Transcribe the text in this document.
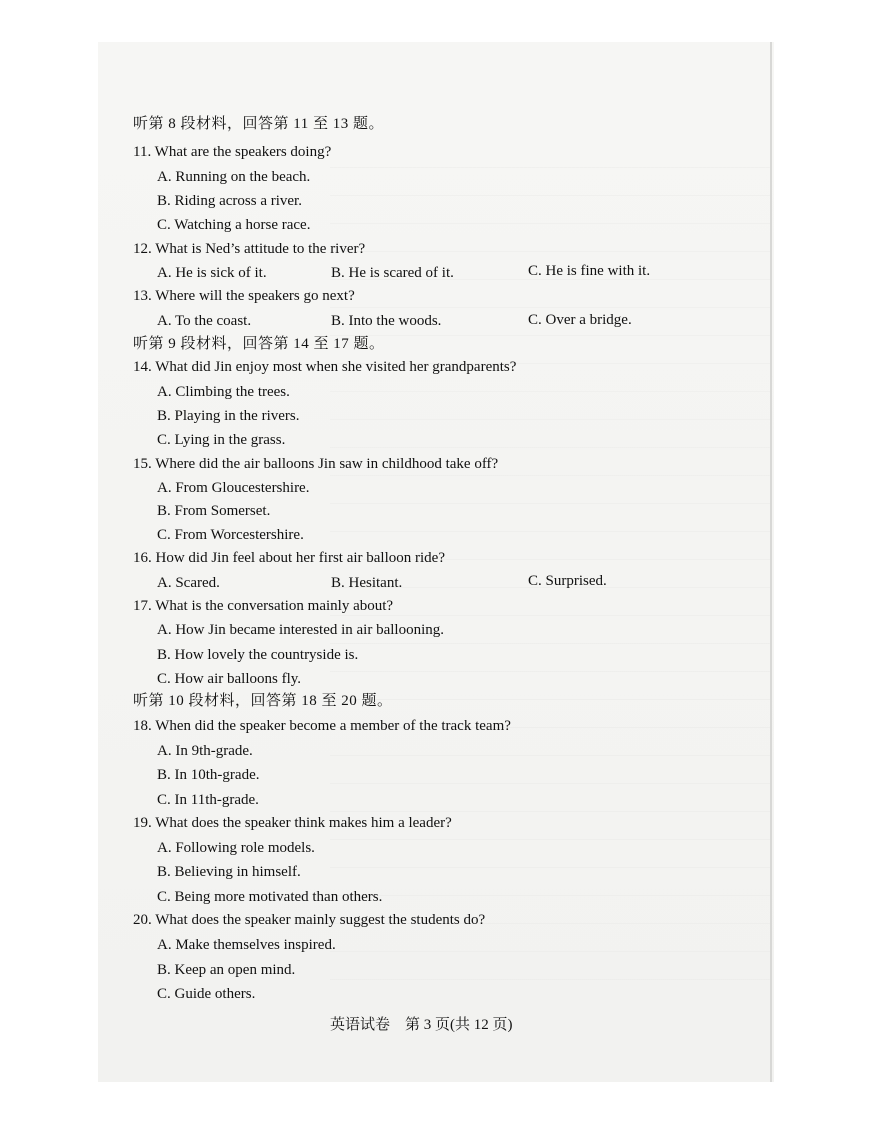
听第 8 段材料，回答第 11 至 13 题。
11. What are the speakers doing?
A. Running on the beach.
B. Riding across a river.
C. Watching a horse race.
12. What is Ned’s attitude to the river?
A. He is sick of it.	B. He is scared of it.	C. He is fine with it.
13. Where will the speakers go next?
A. To the coast.	B. Into the woods.	C. Over a bridge.
听第 9 段材料，回答第 14 至 17 题。
14. What did Jin enjoy most when she visited her grandparents?
A. Climbing the trees.
B. Playing in the rivers.
C. Lying in the grass.
15. Where did the air balloons Jin saw in childhood take off?
A. From Gloucestershire.
B. From Somerset.
C. From Worcestershire.
16. How did Jin feel about her first air balloon ride?
A. Scared.	B. Hesitant.	C. Surprised.
17. What is the conversation mainly about?
A. How Jin became interested in air ballooning.
B. How lovely the countryside is.
C. How air balloons fly.
听第 10 段材料，回答第 18 至 20 题。
18. When did the speaker become a member of the track team?
A. In 9th-grade.
B. In 10th-grade.
C. In 11th-grade.
19. What does the speaker think makes him a leader?
A. Following role models.
B. Believing in himself.
C. Being more motivated than others.
20. What does the speaker mainly suggest the students do?
A. Make themselves inspired.
B. Keep an open mind.
C. Guide others.
英语试卷　第 3 页(共 12 页)
